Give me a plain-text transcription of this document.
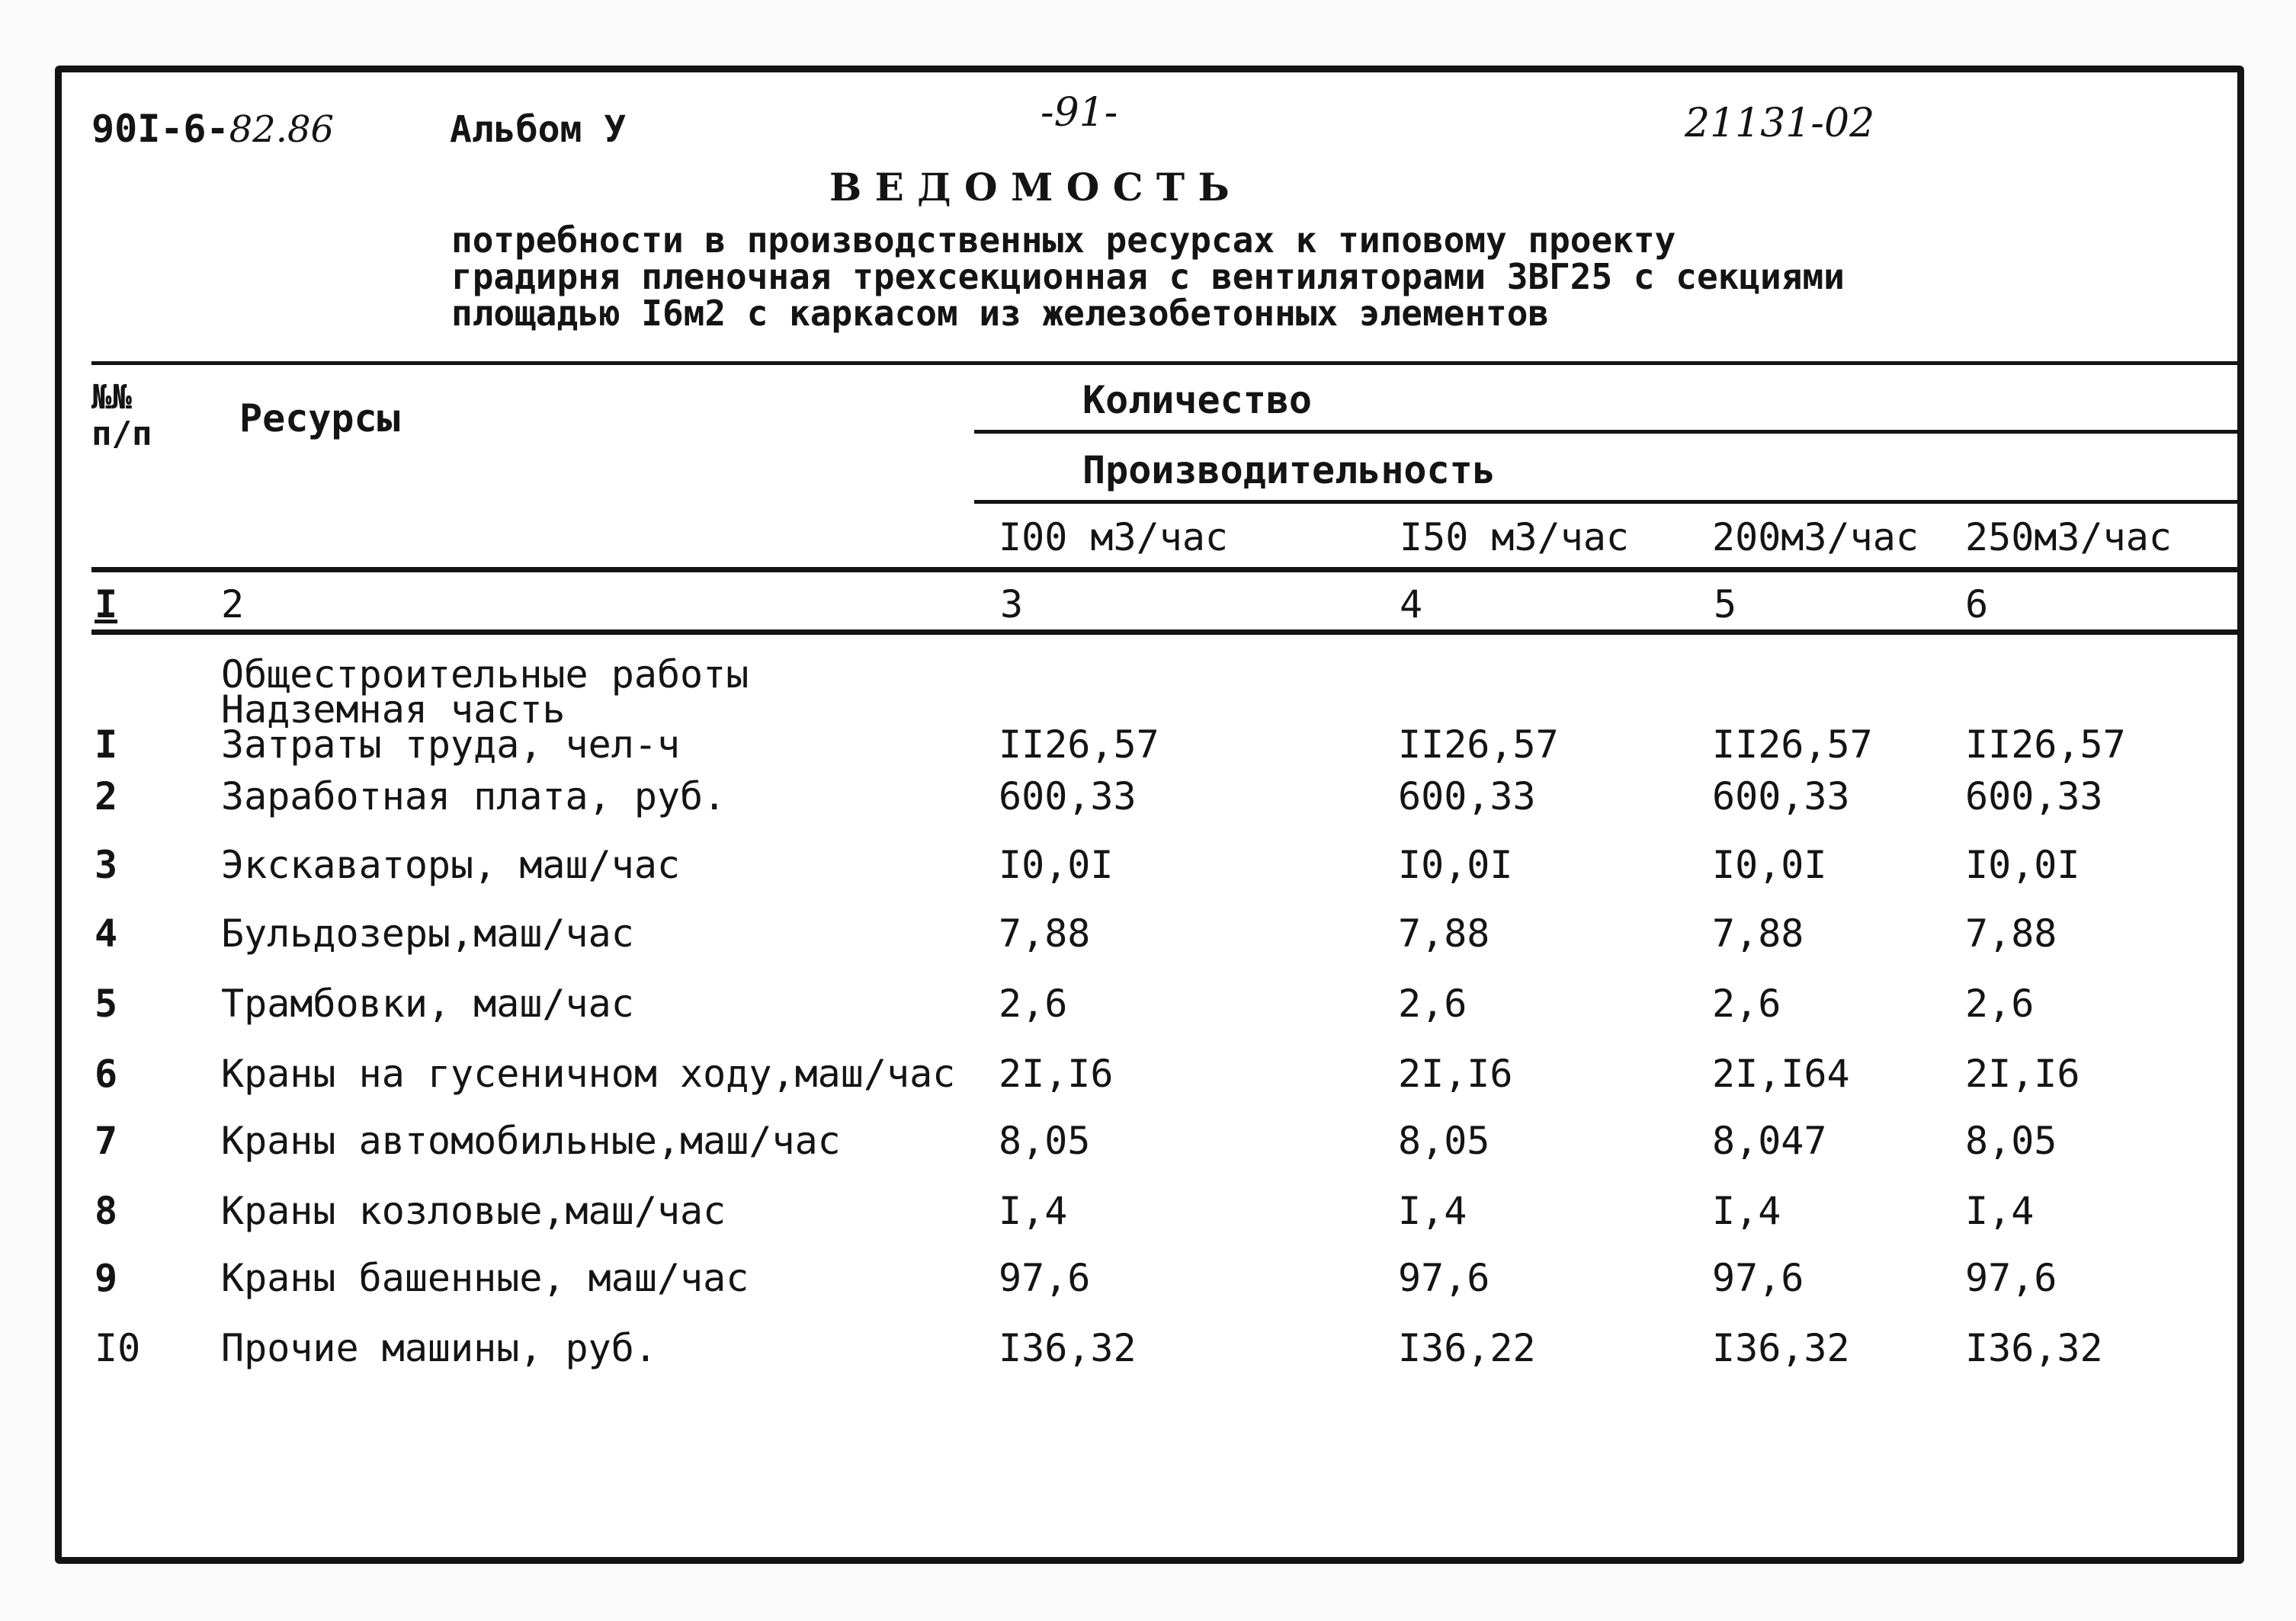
90I-6-82.86	Альбом У	-91-	21131-02
В Е Д О М О С Т Ь
потребности в производственных ресурсах к типовому проекту
градирня пленочная трехсекционная с вентиляторами 3ВГ25 с секциями
площадью I6м2 с каркасом из железобетонных элементов
№№
п/п Ресурсы	Количество
Производительность
I00 м3/час	I50 м3/час 200м3/час 250м3/час
I	2	3	4	5	6
Общестроительные работы
Надземная часть
I	Затраты труда, чел-ч	II26,57	II26,57	II26,57 II26,57
2	Заработная плата, руб.	600,33	600,33	600,33	600,33
3	Экскаваторы, маш/час	I0,0I	I0,0I	I0,0I	I0,0I
4	Бульдозеры,маш/час	7,88	7,88	7,88	7,88
5	Трамбовки, маш/час	2,6	2,6	2,6	2,6
6	Краны на гусеничном ходу,маш/час 2I,I6	2I,I6	2I,I64	2I,I6
7	Краны автомобильные,маш/час	8,05	8,05	8,047	8,05
8	Краны козловые,маш/час	I,4	I,4	I,4	I,4
9	Краны башенные, маш/час	97,6	97,6	97,6	97,6
I0 Прочие машины, руб.	I36,32	I36,22	I36,32	I36,32
